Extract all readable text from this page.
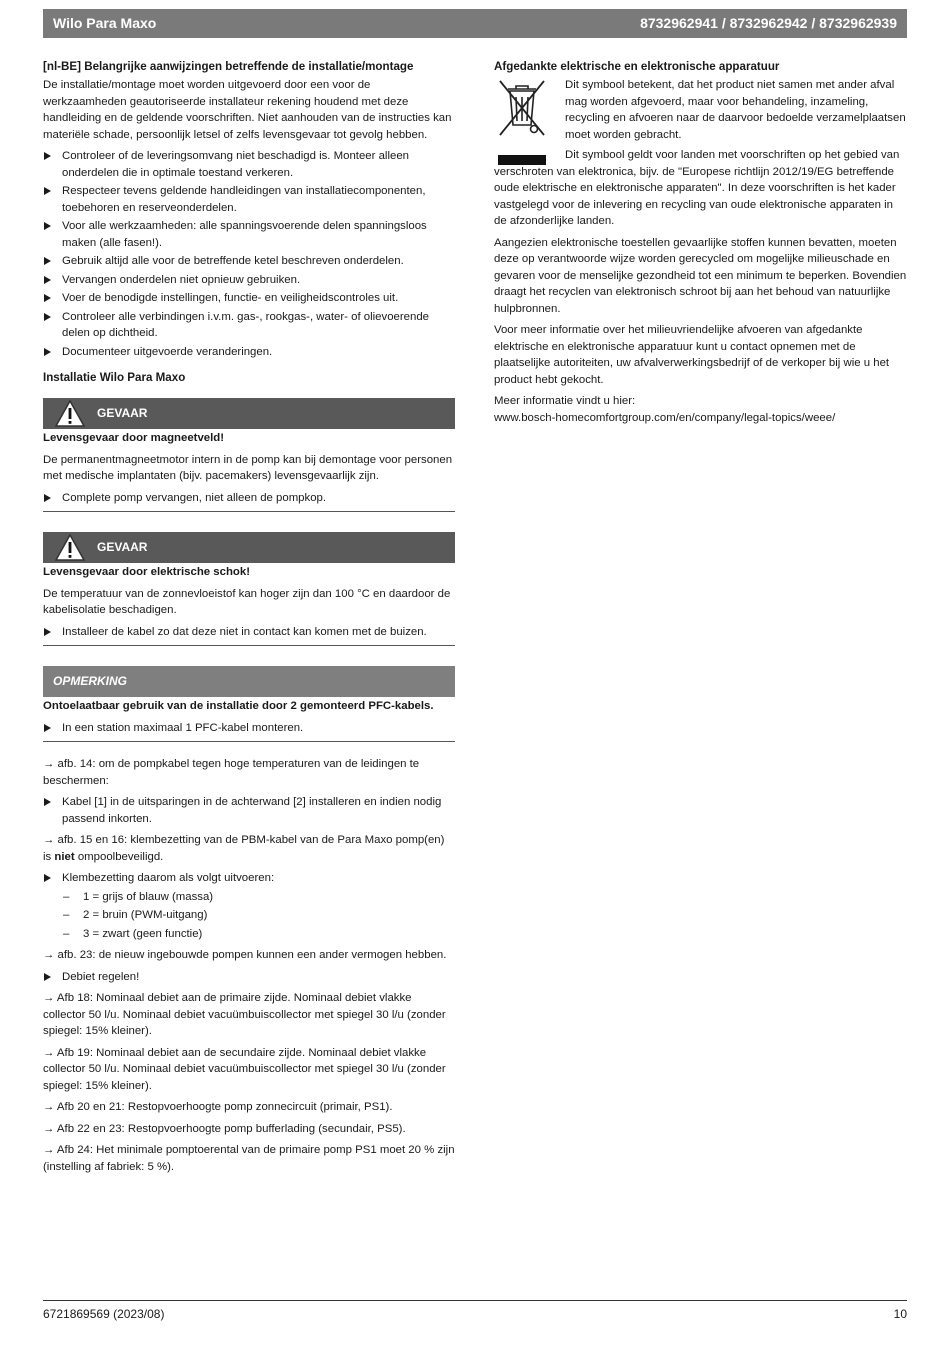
Wilo Para Maxo	8732962941 / 8732962942 / 8732962939
[nl-BE] Belangrijke aanwijzingen betreffende de installatie/montage

De installatie/montage moet worden uitgevoerd door een voor de werkzaamheden geautoriseerde installateur rekening houdend met deze handleiding en de geldende voorschriften. Niet aanhouden van de instructies kan materiële schade, persoonlijk letsel of zelfs levensgevaar tot gevolg hebben.

Controleer of de leveringsomvang niet beschadigd is. Monteer alleen onderdelen die in optimale toestand verkeren.
Respecteer tevens geldende handleidingen van installatiecomponenten, toebehoren en reserveonderdelen.
Voor alle werkzaamheden: alle spanningsvoerende delen spanningsloos maken (alle fasen!).
Gebruik altijd alle voor de betreffende ketel beschreven onderdelen.
Vervangen onderdelen niet opnieuw gebruiken.
Voer de benodigde instellingen, functie- en veiligheidscontroles uit.
Controleer alle verbindingen i.v.m. gas-, rookgas-, water- of olievoerende delen op dichtheid.
Documenteer uitgevoerde veranderingen.
Installatie Wilo Para Maxo
GEVAAR

Levensgevaar door magneetveld!

De permanentmagneetmotor intern in de pomp kan bij demontage voor personen met medische implantaten (bijv. pacemakers) levensgevaarlijk zijn.

Complete pomp vervangen, niet alleen de pompkop.
GEVAAR

Levensgevaar door elektrische schok!

De temperatuur van de zonnevloeistof kan hoger zijn dan 100 °C en daardoor de kabelisolatie beschadigen.

Installeer de kabel zo dat deze niet in contact kan komen met de buizen.
OPMERKING

Ontoelaatbaar gebruik van de installatie door 2 gemonteerd PFC-kabels.

In een station maximaal 1 PFC-kabel monteren.

→ afb. 14: om de pompkabel tegen hoge temperaturen van de leidingen te beschermen:

Kabel [1] in de uitsparingen in de achterwand [2] installeren en indien nodig passend inkorten.

→ afb. 15 en 16: klembezetting van de PBM-kabel van de Para Maxo pomp(en) is niet ompoolbeveiligd.

Klembezetting daarom als volgt uitvoeren:
– 1 = grijs of blauw (massa)
– 2 = bruin (PWM-uitgang)
– 3 = zwart (geen functie)

→ afb. 23: de nieuw ingebouwde pompen kunnen een ander vermogen hebben.

Debiet regelen!

→ Afb 18: Nominaal debiet aan de primaire zijde. Nominaal debiet vlakke collector 50 l/u. Nominaal debiet vacuümbuiscollector met spiegel 30 l/u (zonder spiegel: 15% kleiner).

→ Afb 19: Nominaal debiet aan de secundaire zijde. Nominaal debiet vlakke collector 50 l/u. Nominaal debiet vacuümbuiscollector met spiegel 30 l/u (zonder spiegel: 15% kleiner).

→ Afb 20 en 21: Restopvoerhoogte pomp zonnecircuit (primair, PS1).

→ Afb 22 en 23: Restopvoerhoogte pomp bufferlading (secundair, PS5).

→ Afb 24: Het minimale pomptoerental van de primaire pomp PS1 moet 20 % zijn (instelling af fabriek: 5 %).

Afgedankte elektrische en elektronische apparatuur

Dit symbool betekent, dat het product niet samen met ander afval mag worden afgevoerd, maar voor behandeling, inzameling, recycling en afvoeren naar de daarvoor bedoelde verzamelplaatsen moet worden gebracht.

Dit symbool geldt voor landen met voorschriften op het gebied van verschroten van elektronica, bijv. de "Europese richtlijn 2012/19/EG betreffende oude elektrische en elektronische apparaten". In deze voorschriften is het kader vastgelegd voor de inlevering en recycling van oude elektronische apparaten in de afzonderlijke landen.

Aangezien elektronische toestellen gevaarlijke stoffen kunnen bevatten, moeten deze op verantwoorde wijze worden gerecycled om mogelijke milieuschade en gevaren voor de menselijke gezondheid tot een minimum te beperken. Bovendien draagt het recyclen van elektronisch schroot bij aan het behoud van natuurlijke hulpbronnen.

Voor meer informatie over het milieuvriendelijke afvoeren van afgedankte elektrische en elektronische apparatuur kunt u contact opnemen met de plaatselijke autoriteiten, uw afvalverwerkingsbedrijf of de verkoper bij wie u het product hebt gekocht.

Meer informatie vindt u hier:

www.bosch-homecomfortgroup.com/en/company/legal-topics/weee/

6721869569 (2023/08)	10
